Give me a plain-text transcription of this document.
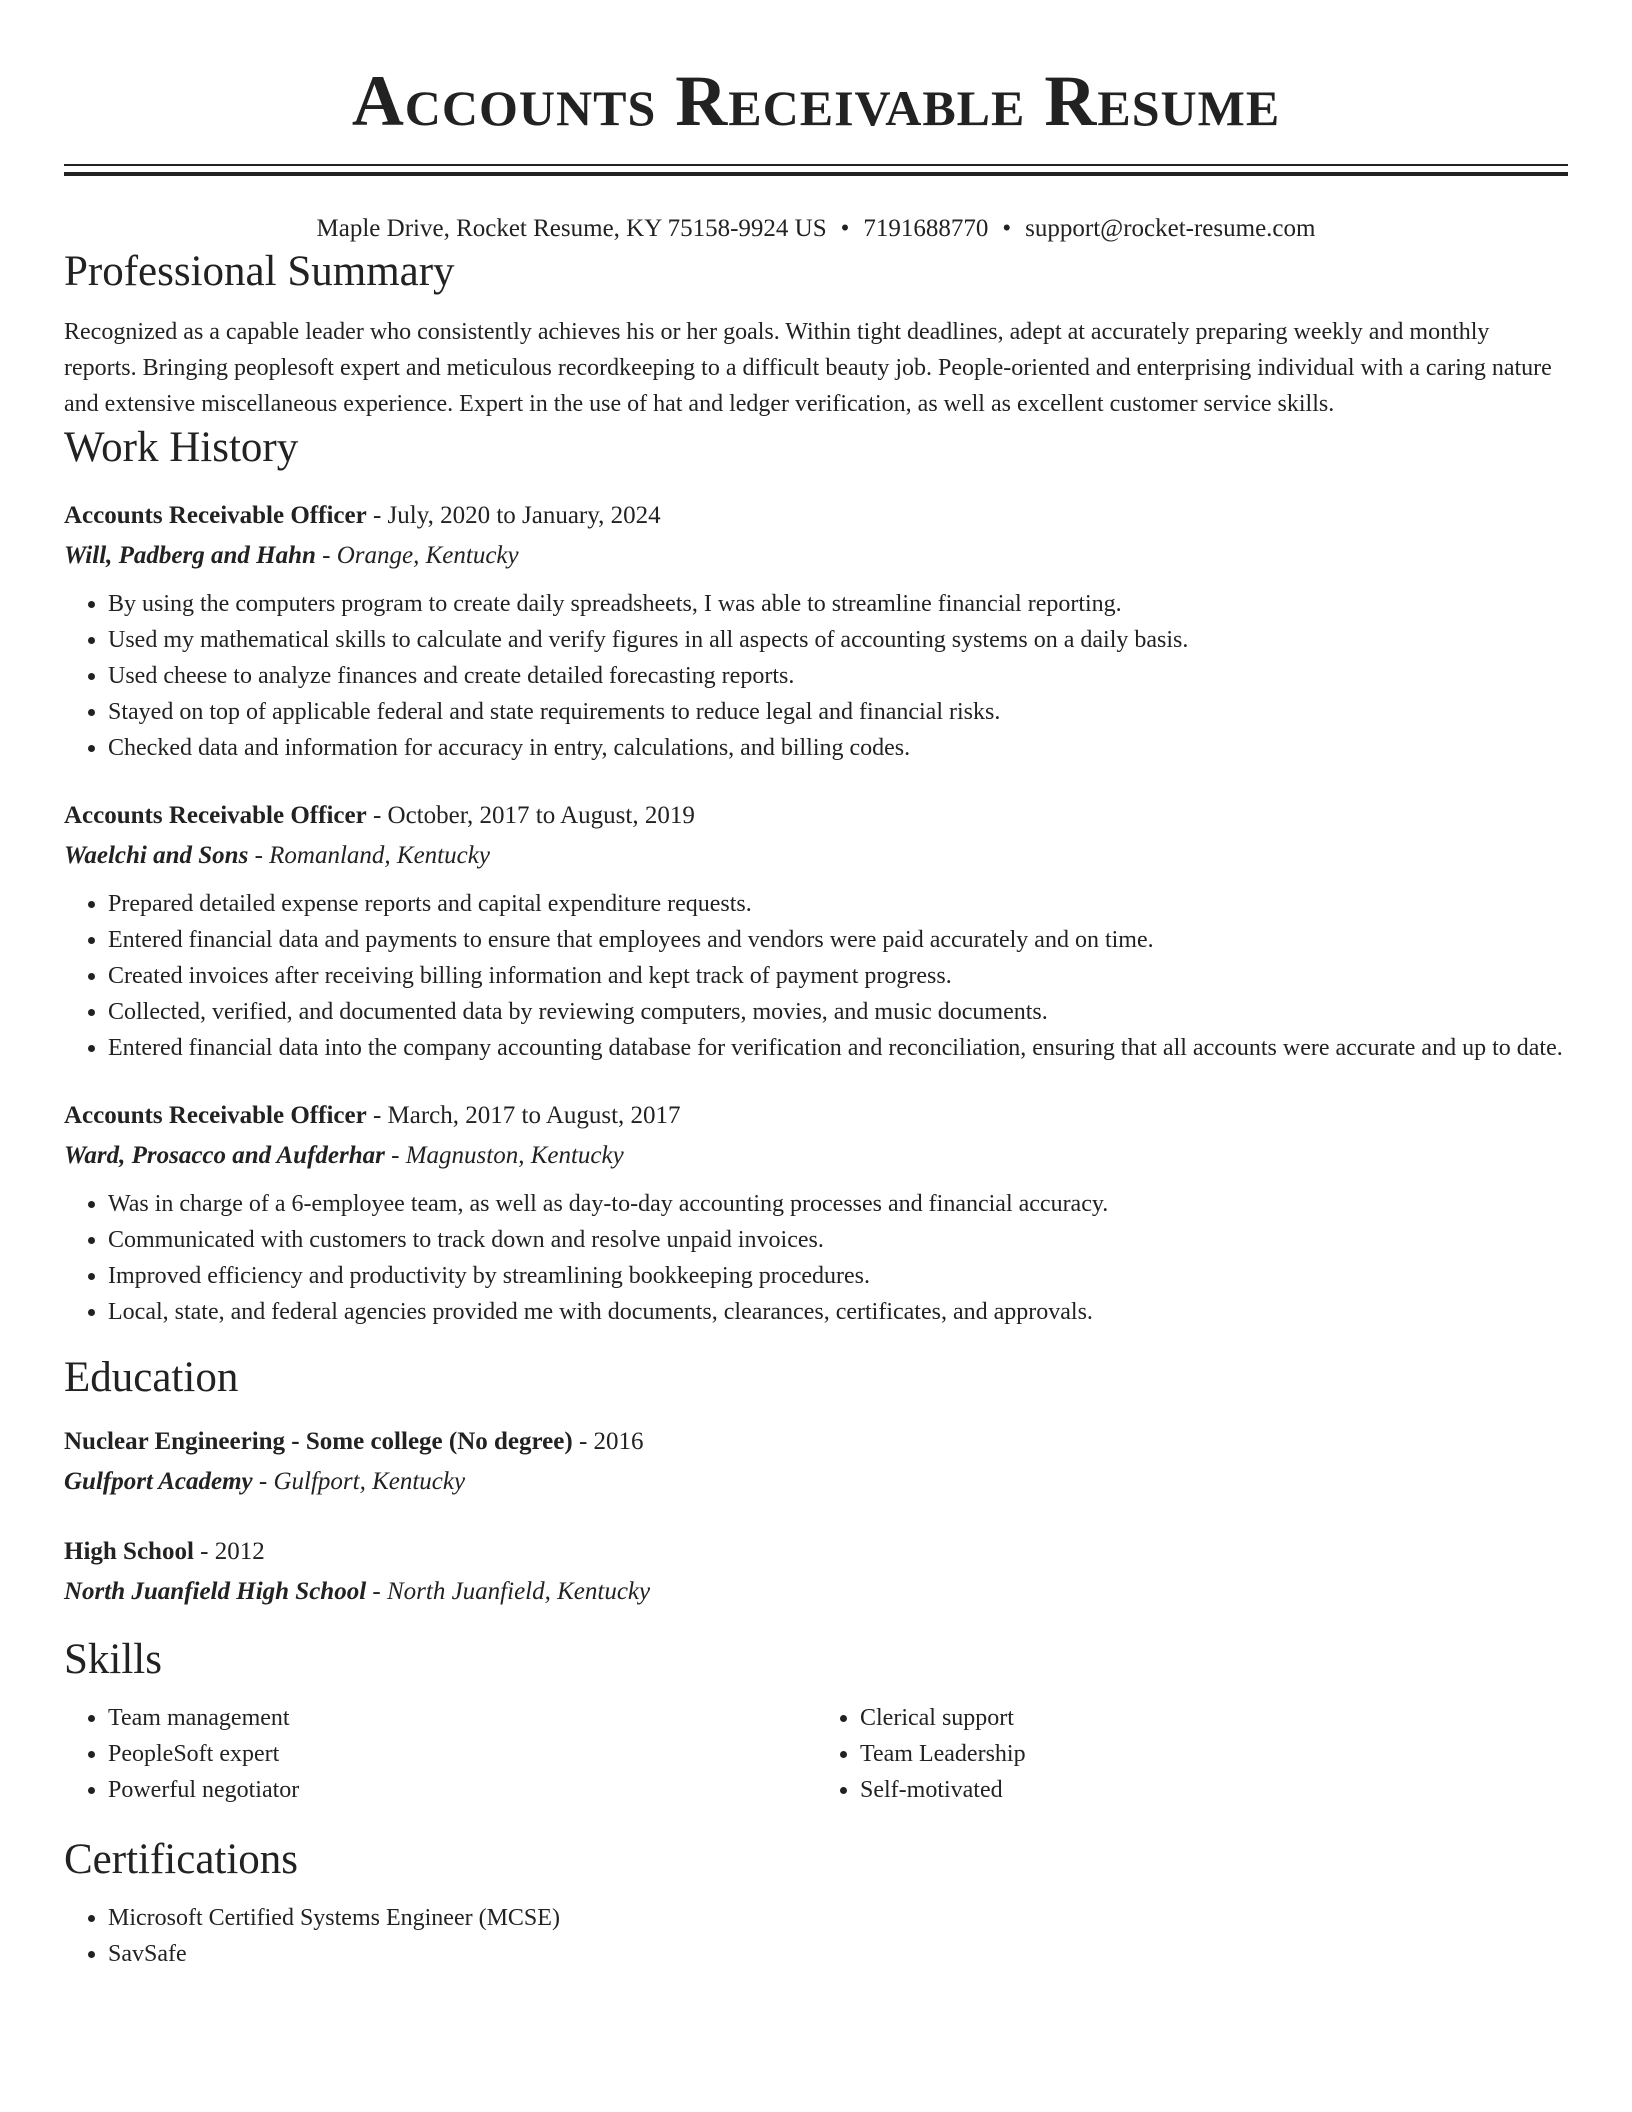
Accounts Receivable Resume
Maple Drive, Rocket Resume, KY 75158-9924 US • 7191688770 • support@rocket-resume.com
Professional Summary
Recognized as a capable leader who consistently achieves his or her goals. Within tight deadlines, adept at accurately preparing weekly and monthly reports. Bringing peoplesoft expert and meticulous recordkeeping to a difficult beauty job. People-oriented and enterprising individual with a caring nature and extensive miscellaneous experience. Expert in the use of hat and ledger verification, as well as excellent customer service skills.
Work History
Accounts Receivable Officer - July, 2020 to January, 2024
Will, Padberg and Hahn - Orange, Kentucky
• By using the computers program to create daily spreadsheets, I was able to streamline financial reporting.
• Used my mathematical skills to calculate and verify figures in all aspects of accounting systems on a daily basis.
• Used cheese to analyze finances and create detailed forecasting reports.
• Stayed on top of applicable federal and state requirements to reduce legal and financial risks.
• Checked data and information for accuracy in entry, calculations, and billing codes.
Accounts Receivable Officer - October, 2017 to August, 2019
Waelchi and Sons - Romanland, Kentucky
• Prepared detailed expense reports and capital expenditure requests.
• Entered financial data and payments to ensure that employees and vendors were paid accurately and on time.
• Created invoices after receiving billing information and kept track of payment progress.
• Collected, verified, and documented data by reviewing computers, movies, and music documents.
• Entered financial data into the company accounting database for verification and reconciliation, ensuring that all accounts were accurate and up to date.
Accounts Receivable Officer - March, 2017 to August, 2017
Ward, Prosacco and Aufderhar - Magnuston, Kentucky
• Was in charge of a 6-employee team, as well as day-to-day accounting processes and financial accuracy.
• Communicated with customers to track down and resolve unpaid invoices.
• Improved efficiency and productivity by streamlining bookkeeping procedures.
• Local, state, and federal agencies provided me with documents, clearances, certificates, and approvals.
Education
Nuclear Engineering - Some college (No degree) - 2016
Gulfport Academy - Gulfport, Kentucky
High School - 2012
North Juanfield High School - North Juanfield, Kentucky
Skills
• Team management
• PeopleSoft expert
• Powerful negotiator
• Clerical support
• Team Leadership
• Self-motivated
Certifications
• Microsoft Certified Systems Engineer (MCSE)
• SavSafe
